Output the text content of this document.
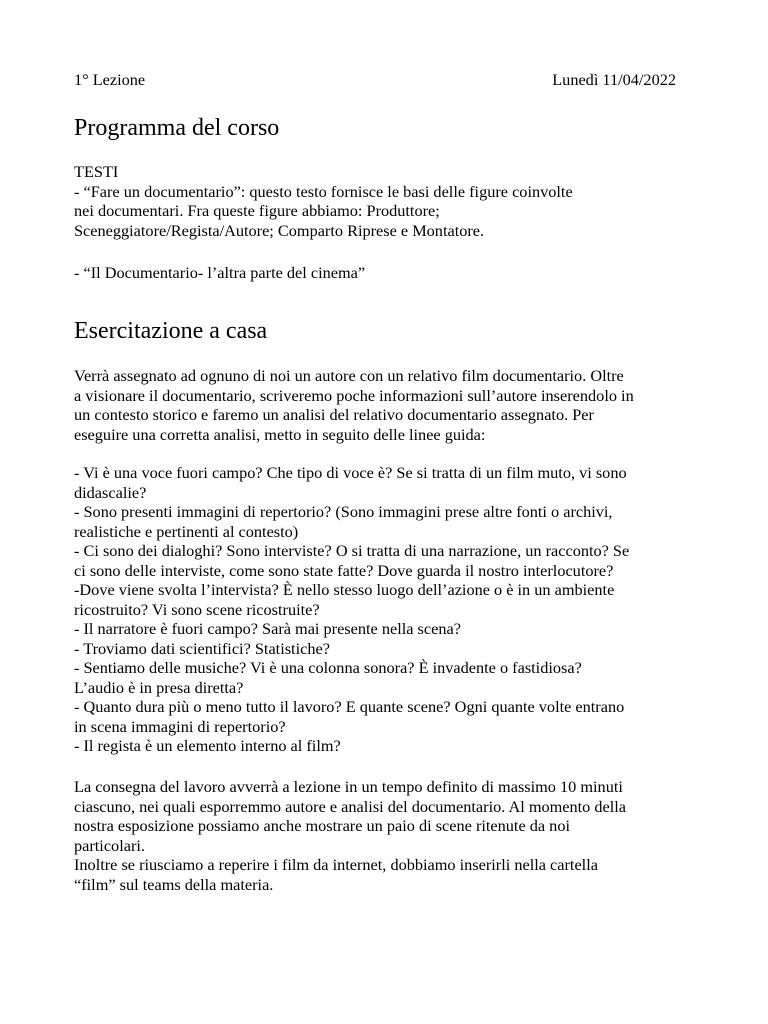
1° Lezione	Lunedì 11/04/2022
Programma del corso
TESTI
- “Fare un documentario”: questo testo fornisce le basi delle figure coinvolte
nei documentari. Fra queste figure abbiamo: Produttore;
Sceneggiatore/Regista/Autore; Comparto Riprese e Montatore.
- “Il Documentario- l’altra parte del cinema”
Esercitazione a casa
Verrà assegnato ad ognuno di noi un autore con un relativo film documentario. Oltre
a visionare il documentario, scriveremo poche informazioni sull’autore inserendolo in
un contesto storico e faremo un analisi del relativo documentario assegnato. Per
eseguire una corretta analisi, metto in seguito delle linee guida:
- Vi è una voce fuori campo? Che tipo di voce è? Se si tratta di un film muto, vi sono
didascalie?
- Sono presenti immagini di repertorio? (Sono immagini prese altre fonti o archivi,
realistiche e pertinenti al contesto)
- Ci sono dei dialoghi? Sono interviste? O si tratta di una narrazione, un racconto? Se
ci sono delle interviste, come sono state fatte? Dove guarda il nostro interlocutore?
-Dove viene svolta l’intervista? È nello stesso luogo dell’azione o è in un ambiente
ricostruito? Vi sono scene ricostruite?
- Il narratore è fuori campo? Sarà mai presente nella scena?
- Troviamo dati scientifici? Statistiche?
- Sentiamo delle musiche? Vi è una colonna sonora? È invadente o fastidiosa?
L’audio è in presa diretta?
- Quanto dura più o meno tutto il lavoro? E quante scene? Ogni quante volte entrano
in scena immagini di repertorio?
- Il regista è un elemento interno al film?
La consegna del lavoro avverrà a lezione in un tempo definito di massimo 10 minuti
ciascuno, nei quali esporremmo autore e analisi del documentario. Al momento della
nostra esposizione possiamo anche mostrare un paio di scene ritenute da noi
particolari.
Inoltre se riusciamo a reperire i film da internet, dobbiamo inserirli nella cartella
“film” sul teams della materia.
